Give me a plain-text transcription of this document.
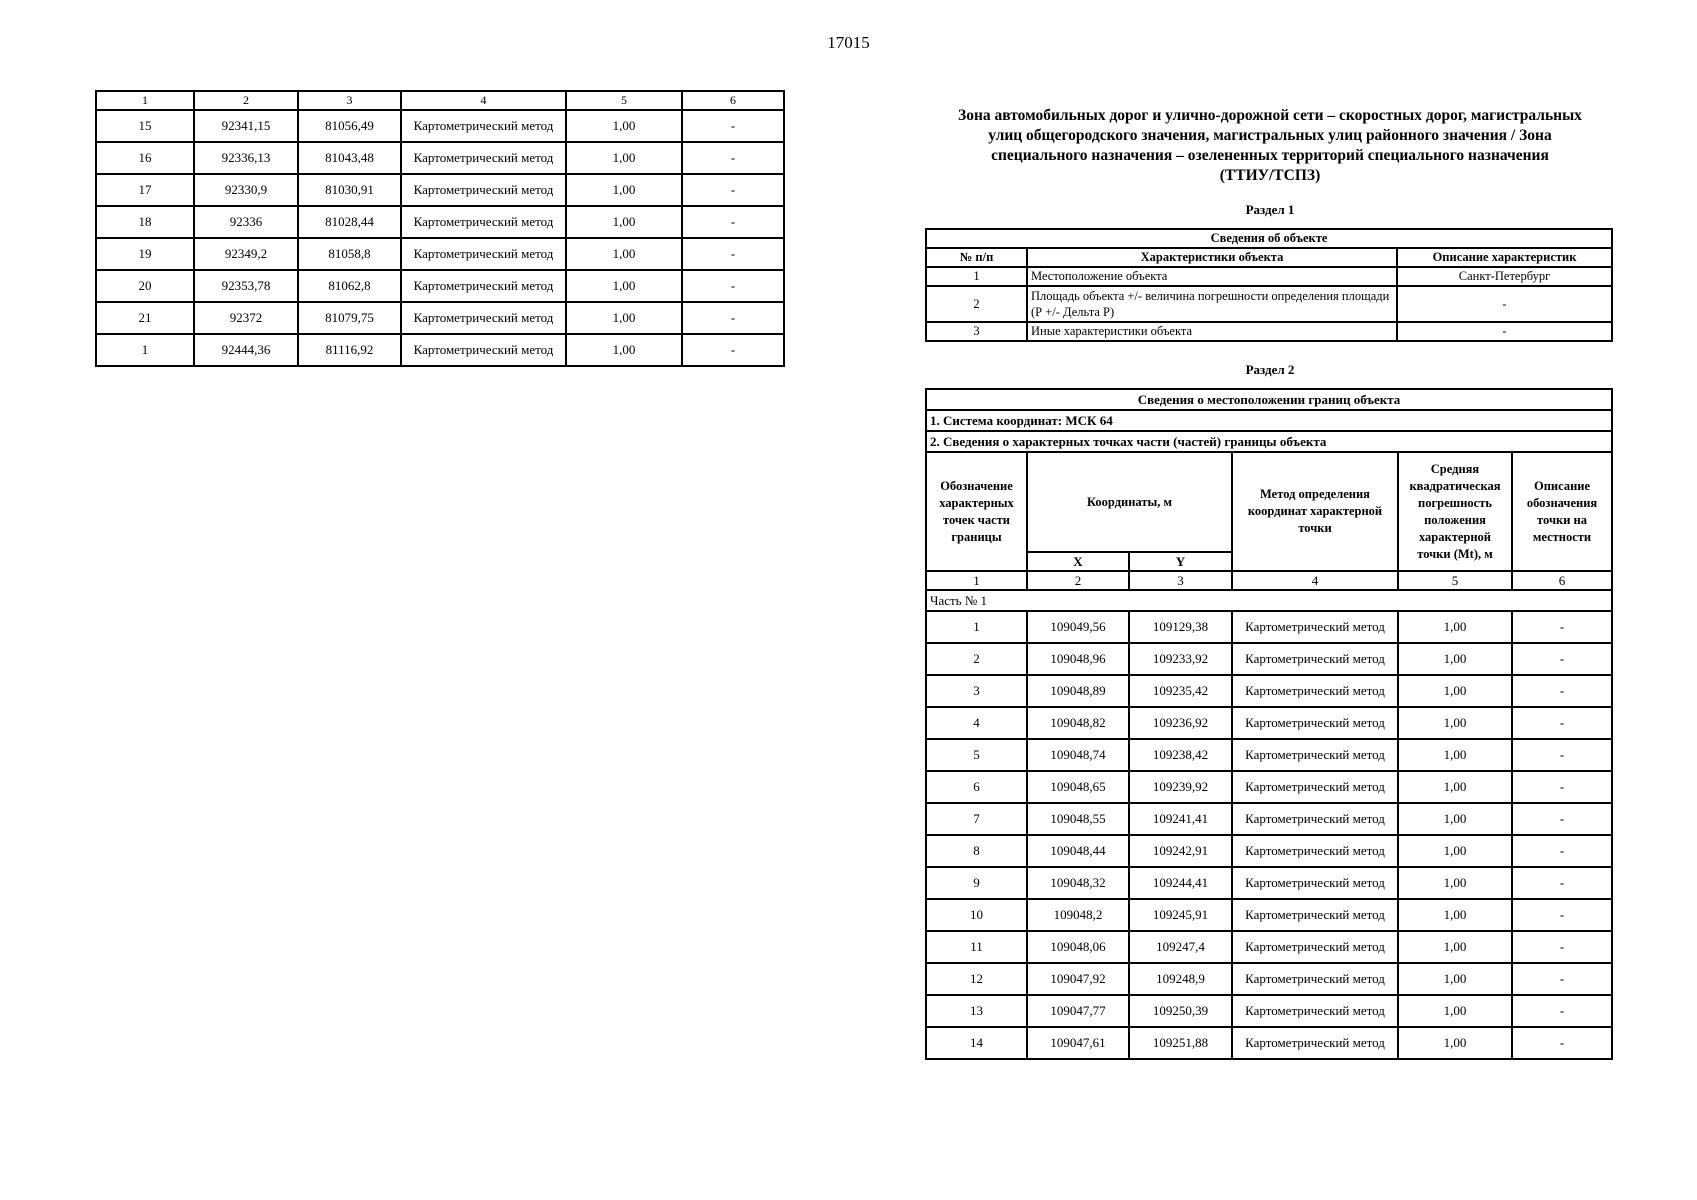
17015
1	2	3	4	5	6
15	92341,15	81056,49	Картометрический метод	1,00	-
16	92336,13	81043,48	Картометрический метод	1,00	-
17	92330,9	81030,91	Картометрический метод	1,00	-
18	92336	81028,44	Картометрический метод	1,00	-
19	92349,2	81058,8	Картометрический метод	1,00	-
20	92353,78	81062,8	Картометрический метод	1,00	-
21	92372	81079,75	Картометрический метод	1,00	-
1	92444,36	81116,92	Картометрический метод	1,00	-
Зона автомобильных дорог и улично-дорожной сети – скоростных дорог, магистральных
улиц общегородского значения, магистральных улиц районного значения / Зона
специального назначения – озелененных территорий специального назначения
(ТТИУ/ТСПЗ)
Раздел 1
Сведения об объекте		
№ п/п	Характеристики объекта	Описание характеристик
1	Местоположение объекта	Санкт-Петербург
2	Площадь объекта +/- величина погрешности определения площади (Р +/- Дельта Р)	-
3	Иные характеристики объекта	-
Раздел 2
Сведения о местоположении границ объекта					
1. Система координат: МСК 64					
2. Сведения о характерных точках части (частей) границы объекта					
Обозначение характерных точек части границы	Координаты, м		Метод определения координат характерной точки	Средняя квадратическая погрешность положения характерной точки (Мt), м	Описание обозначения точки на местности
	X	Y			
1	2	3	4	5	6
Часть № 1					
1	109049,56	109129,38	Картометрический метод	1,00	-
2	109048,96	109233,92	Картометрический метод	1,00	-
3	109048,89	109235,42	Картометрический метод	1,00	-
4	109048,82	109236,92	Картометрический метод	1,00	-
5	109048,74	109238,42	Картометрический метод	1,00	-
6	109048,65	109239,92	Картометрический метод	1,00	-
7	109048,55	109241,41	Картометрический метод	1,00	-
8	109048,44	109242,91	Картометрический метод	1,00	-
9	109048,32	109244,41	Картометрический метод	1,00	-
10	109048,2	109245,91	Картометрический метод	1,00	-
11	109048,06	109247,4	Картометрический метод	1,00	-
12	109047,92	109248,9	Картометрический метод	1,00	-
13	109047,77	109250,39	Картометрический метод	1,00	-
14	109047,61	109251,88	Картометрический метод	1,00	-
